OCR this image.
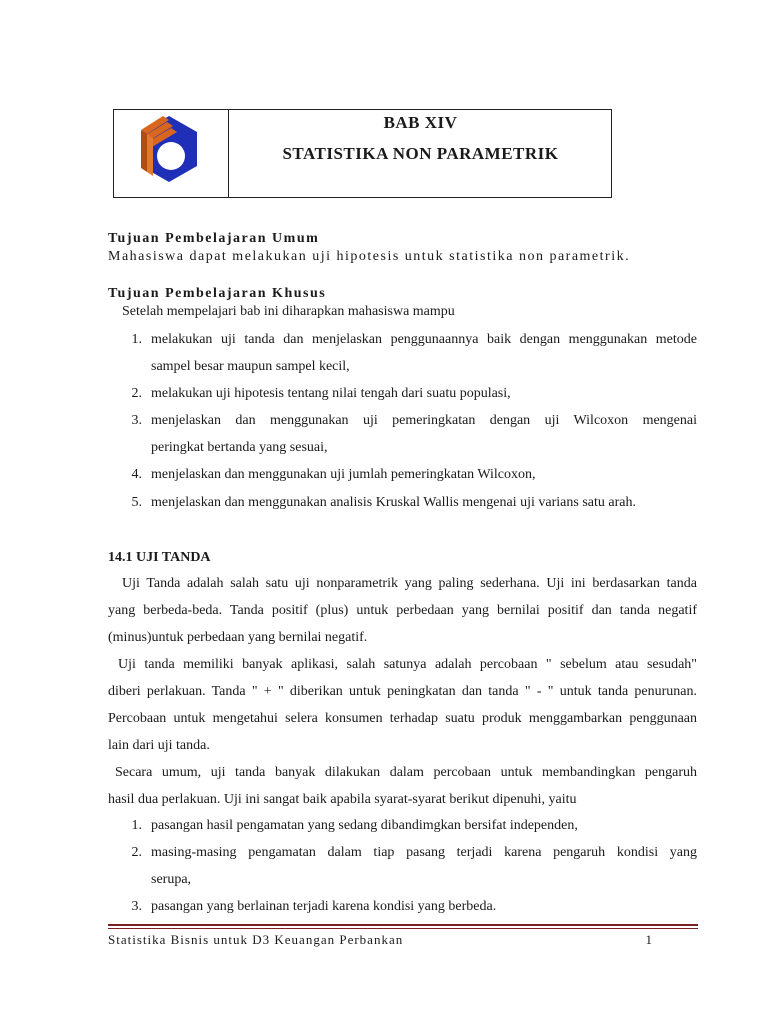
BAB XIV
STATISTIKA NON PARAMETRIK
Tujuan Pembelajaran Umum
Mahasiswa dapat melakukan uji hipotesis untuk statistika non parametrik.
Tujuan Pembelajaran Khusus
Setelah mempelajari bab ini diharapkan mahasiswa mampu
1. melakukan uji tanda dan menjelaskan penggunaannya baik dengan menggunakan metode
sampel besar maupun sampel kecil,
2. melakukan uji hipotesis tentang nilai tengah dari suatu populasi,
3. menjelaskan dan menggunakan uji pemeringkatan dengan uji Wilcoxon mengenai
peringkat bertanda yang sesuai,
4. menjelaskan dan menggunakan uji jumlah pemeringkatan Wilcoxon,
5. menjelaskan dan menggunakan analisis Kruskal Wallis mengenai uji varians satu arah.
14.1 UJI TANDA
Uji Tanda adalah salah satu uji nonparametrik yang paling sederhana. Uji ini berdasarkan tanda
yang berbeda-beda. Tanda positif (plus) untuk perbedaan yang bernilai positif dan tanda negatif
(minus)untuk perbedaan yang bernilai negatif.
Uji tanda memiliki banyak aplikasi, salah satunya adalah percobaan " sebelum atau sesudah"
diberi perlakuan. Tanda " + " diberikan untuk peningkatan dan tanda " - " untuk tanda penurunan.
Percobaan untuk mengetahui selera konsumen terhadap suatu produk menggambarkan penggunaan
lain dari uji tanda.
Secara umum, uji tanda banyak dilakukan dalam percobaan untuk membandingkan pengaruh
hasil dua perlakuan. Uji ini sangat baik apabila syarat-syarat berikut dipenuhi, yaitu
1. pasangan hasil pengamatan yang sedang dibandimgkan bersifat independen,
2. masing-masing pengamatan dalam tiap pasang terjadi karena pengaruh kondisi yang
serupa,
3. pasangan yang berlainan terjadi karena kondisi yang berbeda.
Statistika Bisnis untuk D3 Keuangan Perbankan	1
